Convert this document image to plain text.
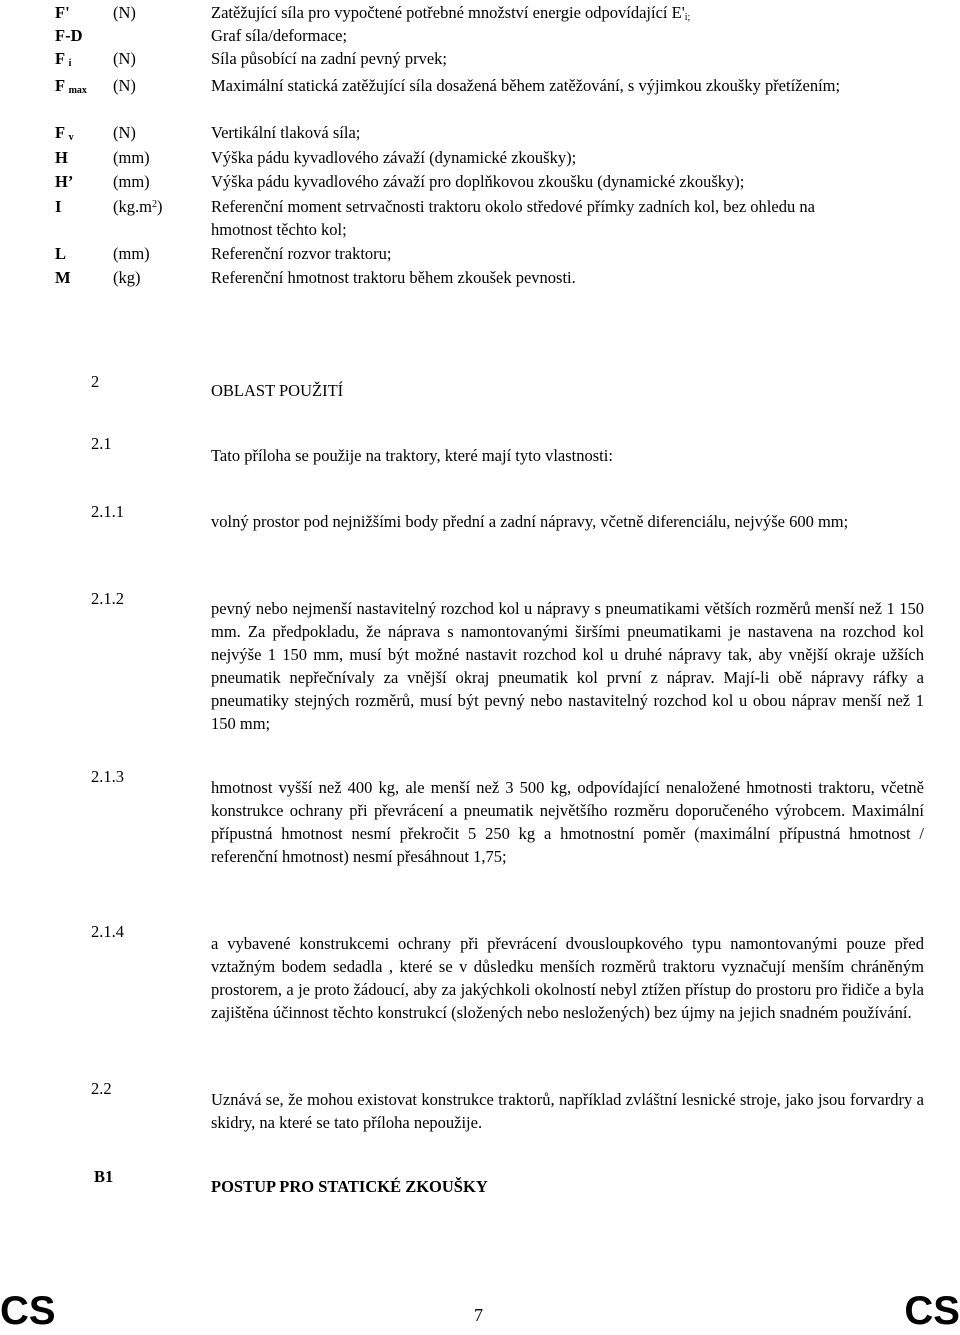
F'	(N)	Zatěžující síla pro vypočtené potřebné množství energie odpovídající $E'_{i;}$
F-D	Graf síla/deformace;
F $_i$	(N)	Síla působící na zadní pevný prvek;
F $_{max}$ (N)	Maximální statická zatěžující síla dosažená během zatěžování, s výjimkou zkoušky přetížením;
F $_v$ (N)	Vertikální tlaková síla;
H	(mm)	Výška pádu kyvadlového závaží (dynamické zkoušky);
H’ (mm)	Výška pádu kyvadlového závaží pro doplňkovou zkoušku (dynamické zkoušky);
I	$(kg.m^2)$	Referenční moment setrvačnosti traktoru okolo středové přímky zadních kol, bez ohledu na hmotnost těchto kol;
L	(mm)	Referenční rozvor traktoru;
M	(kg)	Referenční hmotnost traktoru během zkoušek pevnosti.
2	OBLAST POUŽITÍ
2.1
Tato příloha se použije na traktory, které mají tyto vlastnosti:
2.1.1
volný prostor pod nejnižšími body přední a zadní nápravy, včetně diferenciálu, nejvýše 600 mm;
2.1.2
pevný nebo nejmenší nastavitelný rozchod kol u nápravy s pneumatikami větších rozměrů menší než 1 150 mm. Za předpokladu, že náprava s namontovanými širšími pneumatikami je nastavena na rozchod kol nejvýše 1 150 mm, musí být možné nastavit rozchod kol u druhé nápravy tak, aby vnější okraje užších pneumatik nepřečnívaly za vnější okraj pneumatik kol první z náprav. Mají-li obě nápravy ráfky a pneumatiky stejných rozměrů, musí být pevný nebo nastavitelný rozchod kol u obou náprav menší než 1 150 mm;
2.1.3
hmotnost vyšší než 400 kg, ale menší než 3 500 kg, odpovídající nenaložené hmotnosti traktoru, včetně konstrukce ochrany při převrácení a pneumatik největšího rozměru doporučeného výrobcem. Maximální přípustná hmotnost nesmí překročit 5 250 kg a hmotnostní poměr (maximální přípustná hmotnost / referenční hmotnost) nesmí přesáhnout 1,75;
2.1.4
a vybavené konstrukcemi ochrany při převrácení dvousloupkového typu namontovanými pouze před vztažným bodem sedadla , které se v důsledku menších rozměrů traktoru vyznačují menším chráněným prostorem, a je proto žádoucí, aby za jakýchkoli okolností nebyl ztížen přístup do prostoru pro řidiče a byla zajištěna účinnost těchto konstrukcí (složených nebo nesložených) bez újmy na jejich snadném používání.
2.2
Uznává se, že mohou existovat konstrukce traktorů, například zvláštní lesnické stroje, jako jsou forvardry a skidry, na které se tato příloha nepoužije.
B1
POSTUP PRO STATICKÉ ZKOUŠKY
CS	7	CS
